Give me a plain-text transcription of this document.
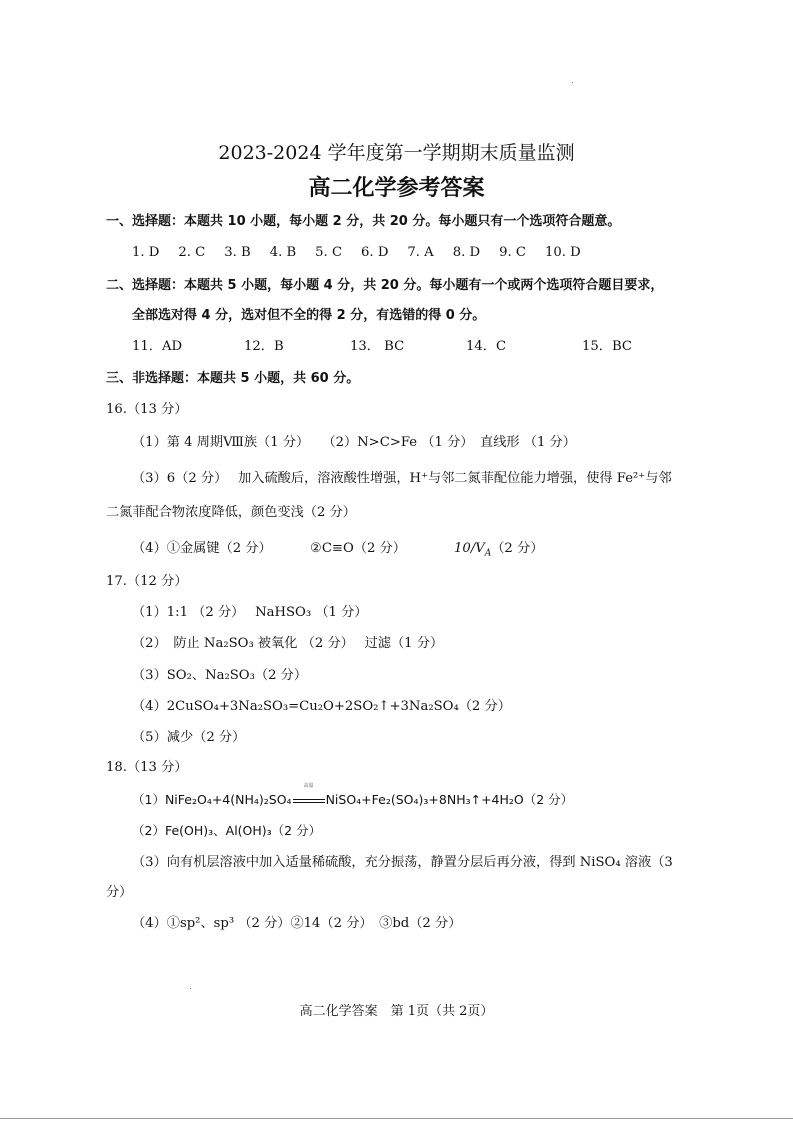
2023-2024 学年度第一学期期末质量监测
高二化学参考答案
一、选择题：本题共 10 小题，每小题 2 分，共 20 分。每小题只有一个选项符合题意。
1. D 2. C 3. B 4. B 5. C 6. D 7. A 8. D 9. C 10. D
二、选择题：本题共 5 小题，每小题 4 分，共 20 分。每小题有一个或两个选项符合题目要求，
全部选对得 4 分，选对但不全的得 2 分，有选错的得 0 分。
11．AD	12．B	13． BC	14．C	15．BC
三、非选择题：本题共 5 小题，共 60 分。
16.（13 分）
（1）第 4 周期Ⅷ族（1 分）　　（2）N>C>Fe （1 分）　直线形 （1 分）
（3）6（2 分）　 加入硫酸后，溶液酸性增强，H⁺与邻二氮菲配位能力增强，使得 Fe²⁺与邻
二氮菲配合物浓度降低，颜色变浅（2 分）
（4）①金属键（2 分）	②C≡O（2 分）	$10/V_A(2$ 分）
17.（12 分）
（1）1:1 （2 分）　 NaHSO₃ （1 分）
（2）　防止 Na₂SO₃ 被氧化 （2 分）　 过滤（1 分）
（3）SO₂、Na₂SO₃（2 分）
（4）2CuSO₄+3Na₂SO₃=Cu₂O+2SO₂↑+3Na₂SO₄（2 分）
（5）减少（2 分）
18.（13 分）
（1）NiFe₂O₄+4(NH₄)₂SO₄
高温
NiSO₄+Fe₂(SO₄)₃+8NH₃↑+4H₂O（2 分）
（2）Fe(OH)₃、Al(OH)₃（2 分）
（3）向有机层溶液中加入适量稀硫酸，充分振荡，静置分层后再分液，得到 NiSO₄ 溶液（3
分）
（4）①sp²、sp³ （2 分）②14（2 分）　③bd（2 分）
高二化学答案　第 1页（共 2页）
